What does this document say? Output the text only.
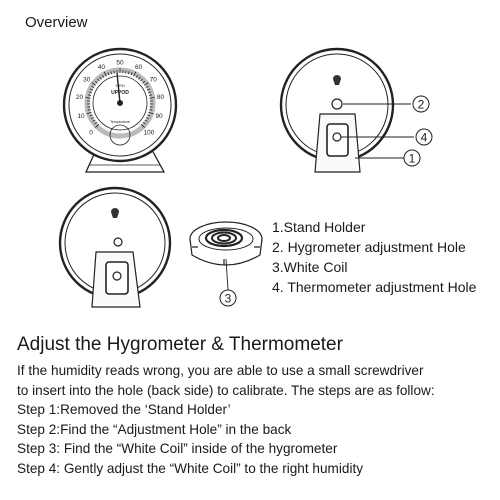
Overview
0
10
20
30
40
50
60
70
80
90
100
%RH
UPPOD
Temperature
2
4
1
3
1.Stand Holder
2. Hygrometer adjustment Hole
3.White Coil
4. Thermometer adjustment Hole
Adjust the Hygrometer & Thermometer
If the humidity reads wrong, you are able to use a small screwdriver
to insert into the hole (back side) to calibrate. The steps are as follow:
Step 1:Removed the ‘Stand Holder’
Step 2:Find the “Adjustment Hole” in the back
Step 3: Find the “White Coil” inside of the hygrometer
Step 4: Gently adjust the “White Coil” to the right humidity
